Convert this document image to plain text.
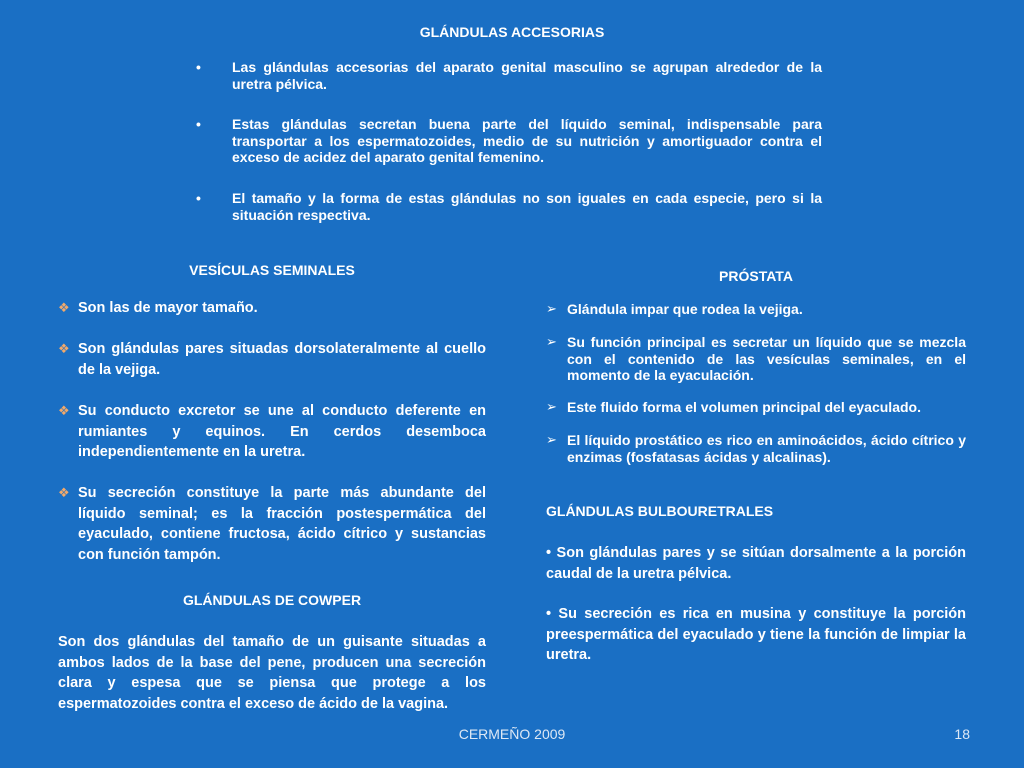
GLÁNDULAS ACCESORIAS
•	Las glándulas accesorias del aparato genital masculino se agrupan alrededor de la uretra pélvica.
•	Estas glándulas secretan buena parte del líquido seminal, indispensable para transportar a los espermatozoides, medio de su nutrición y amortiguador contra el exceso de acidez del aparato genital femenino.
•	El tamaño y la forma de estas glándulas no son iguales en cada especie, pero si la situación respectiva.
VESÍCULAS SEMINALES
❖ Son las de mayor tamaño.
❖ Son glándulas pares situadas dorsolateralmente al cuello de la vejiga.
❖ Su conducto excretor se une al conducto deferente en rumiantes y equinos. En cerdos desemboca independientemente en la uretra.
❖ Su secreción constituye la parte más abundante del líquido seminal; es la fracción postespermática del eyaculado, contiene fructosa, ácido cítrico y sustancias con función tampón.
GLÁNDULAS DE COWPER
Son dos glándulas del tamaño de un guisante situadas a ambos lados de la base del pene, producen una secreción clara y espesa que se piensa que protege a los espermatozoides contra el exceso de ácido de la vagina.
PRÓSTATA
➢ Glándula impar que rodea la vejiga.
➢ Su función principal es secretar un líquido que se mezcla con el contenido de las vesículas seminales, en el momento de la eyaculación.
➢ Este fluido forma el volumen principal del eyaculado.
➢ El líquido prostático es rico en aminoácidos, ácido cítrico y enzimas (fosfatasas ácidas y alcalinas).
GLÁNDULAS BULBOURETRALES
• Son glándulas pares y se sitúan dorsalmente a la porción caudal de la uretra pélvica.
• Su secreción es rica en musina y constituye la porción preespermática del eyaculado y tiene la función de limpiar la uretra.
CERMEÑO 2009	18
